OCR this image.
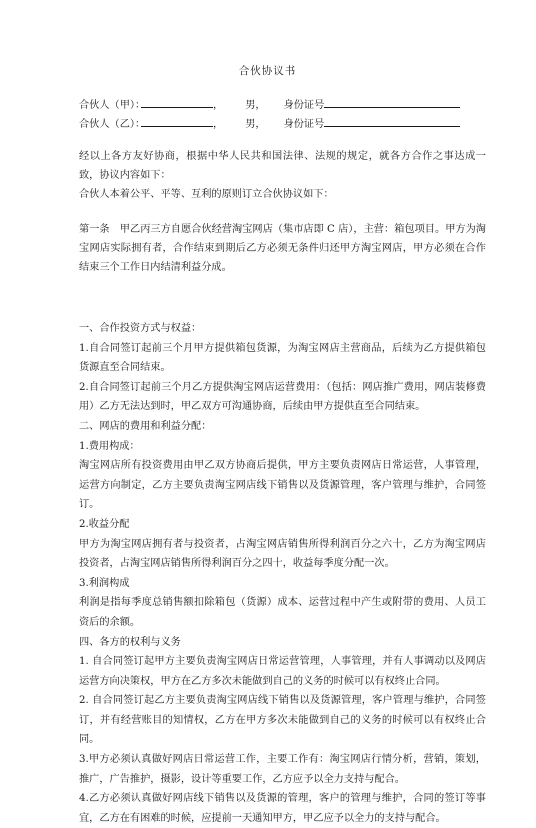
合伙协议书
合伙人（甲）：	， 男， 身份证号
合伙人（乙）：	， 男， 身份证号

经以上各方友好协商，根据中华人民共和国法律、法规的规定，就各方合作之事达成一致，协议内容如下：

合伙人本着公平、平等、互利的原则订立合伙协议如下：

第一条　甲乙丙三方自愿合伙经营淘宝网店（集市店即 C 店），主营：箱包项目。甲方为淘宝网店实际拥有者，合作结束到期后乙方必须无条件归还甲方淘宝网店，甲方必须在合作结束三个工作日内结清利益分成。

一、合作投资方式与权益：

1.自合同签订起前三个月甲方提供箱包货源，为淘宝网店主营商品，后续为乙方提供箱包货源直至合同结束。

2.自合同签订起前三个月乙方提供淘宝网店运营费用：（包括：网店推广费用，网店装修费用）乙方无法达到时，甲乙双方可沟通协商，后续由甲方提供直至合同结束。

二、网店的费用和利益分配：

1.费用构成：

淘宝网店所有投资费用由甲乙双方协商后提供，甲方主要负责网店日常运营，人事管理，运营方向制定，乙方主要负责淘宝网店线下销售以及货源管理，客户管理与维护，合同签订。

2.收益分配

甲方为淘宝网店拥有者与投资者，占淘宝网店销售所得利润百分之六十，乙方为淘宝网店投资者，占淘宝网店销售所得利润百分之四十，收益每季度分配一次。

3.利润构成

利润是指每季度总销售额扣除箱包（货源）成本、运营过程中产生或附带的费用、人员工资后的余额。

四、各方的权利与义务

1. 自合同签订起甲方主要负责淘宝网店日常运营管理，人事管理，并有人事调动以及网店运营方向决策权，甲方在乙方多次未能做到自己的义务的时候可以有权终止合同。

2. 自合同签订起乙方主要负责淘宝网店线下销售以及货源管理，客户管理与维护，合同签订，并有经营账目的知情权，乙方在甲方多次未能做到自己的义务的时候可以有权终止合同。

3.甲方必须认真做好网店日常运营工作，主要工作有：淘宝网店行情分析，营销，策划，推广，广告推护，摄影，设计等重要工作，乙方应予以全力支持与配合。

4.乙方必须认真做好网店线下销售以及货源的管理，客户的管理与维护，合同的签订等事宜，乙方在有困难的时候，应提前一天通知甲方，甲乙应予以全力的支持与配合。
